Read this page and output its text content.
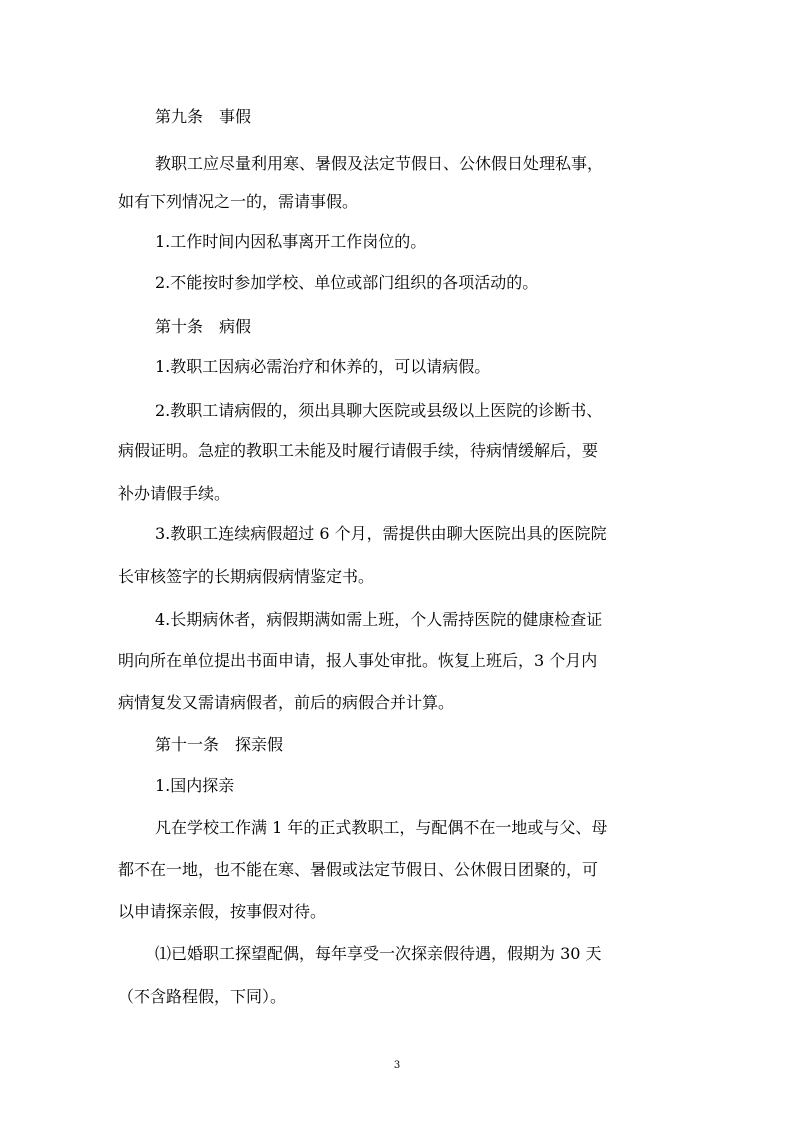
第九条　事假

教职工应尽量利用寒、暑假及法定节假日、公休假日处理私事，

如有下列情况之一的，需请事假。

1.工作时间内因私事离开工作岗位的。

2.不能按时参加学校、单位或部门组织的各项活动的。

第十条　病假

1.教职工因病必需治疗和休养的，可以请病假。

2.教职工请病假的，须出具聊大医院或县级以上医院的诊断书、

病假证明。急症的教职工未能及时履行请假手续，待病情缓解后，要

补办请假手续。

3.教职工连续病假超过 6 个月，需提供由聊大医院出具的医院院

长审核签字的长期病假病情鉴定书。

4.长期病休者，病假期满如需上班，个人需持医院的健康检查证

明向所在单位提出书面申请，报人事处审批。恢复上班后，3 个月内

病情复发又需请病假者，前后的病假合并计算。

第十一条　探亲假

1.国内探亲

凡在学校工作满 1 年的正式教职工，与配偶不在一地或与父、母

都不在一地，也不能在寒、暑假或法定节假日、公休假日团聚的，可

以申请探亲假，按事假对待。

⑴已婚职工探望配偶，每年享受一次探亲假待遇，假期为 30 天

（不含路程假，下同）。

3
